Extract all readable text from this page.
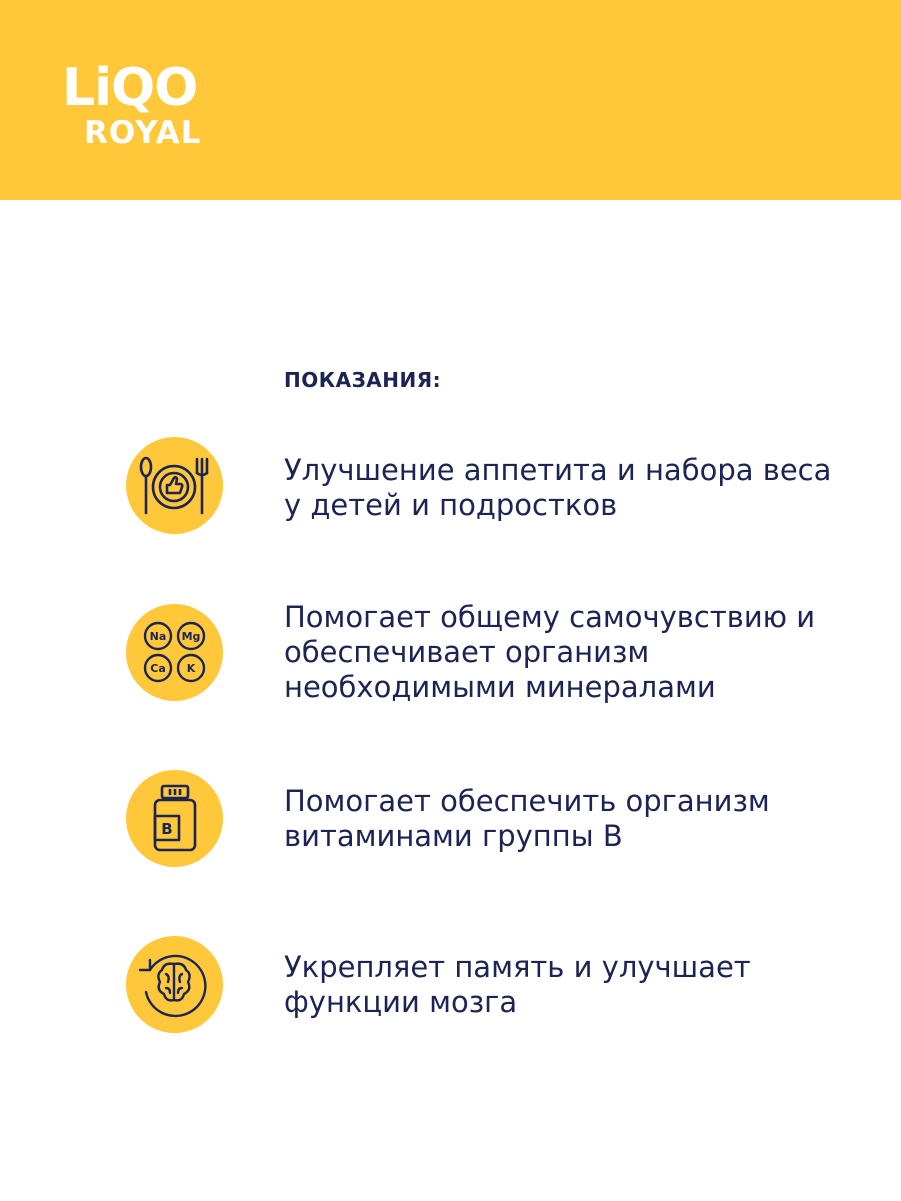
LiQO
ROYAL
ПОКАЗАНИЯ:

Улучшение аппетита и набора веса у детей и подростков

Na Mg
Ca K

Помогает общему самочувствию и обеспечивает организм необходимыми минералами

B

Помогает обеспечить организм витаминами группы B

Укрепляет память и улучшает функции мозга
